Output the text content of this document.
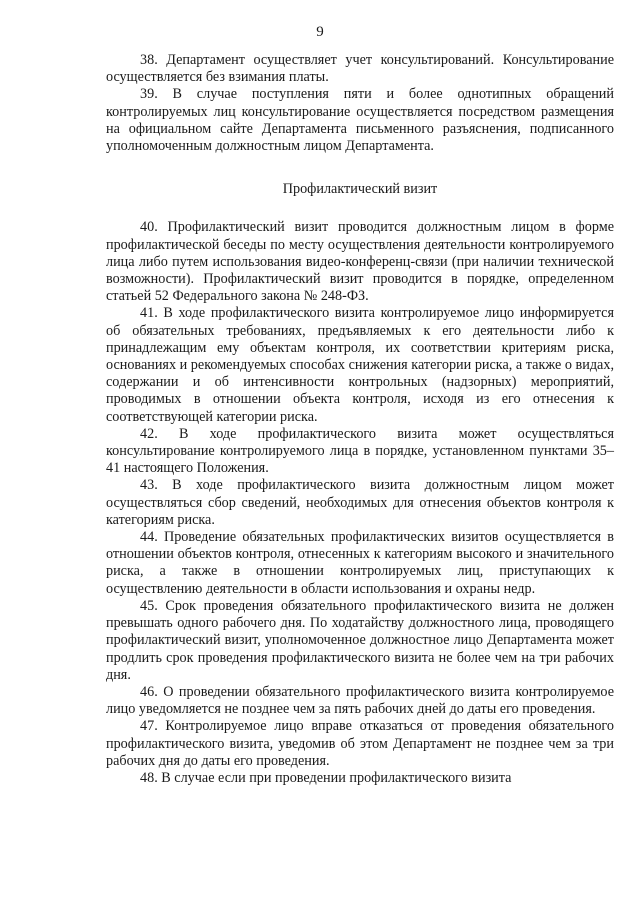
9

38. Департамент осуществляет учет консультирований. Консультирование осуществляется без взимания платы.

39. В случае поступления пяти и более однотипных обращений контролируемых лиц консультирование осуществляется посредством размещения на официальном сайте Департамента письменного разъяснения, подписанного уполномоченным должностным лицом Департамента.

Профилактический визит

40. Профилактический визит проводится должностным лицом в форме профилактической беседы по месту осуществления деятельности контролируемого лица либо путем использования видео-конференц-связи (при наличии технической возможности). Профилактический визит проводится в порядке, определенном статьей 52 Федерального закона № 248-ФЗ.

41. В ходе профилактического визита контролируемое лицо информируется об обязательных требованиях, предъявляемых к его деятельности либо к принадлежащим ему объектам контроля, их соответствии критериям риска, основаниях и рекомендуемых способах снижения категории риска, а также о видах, содержании и об интенсивности контрольных (надзорных) мероприятий, проводимых в отношении объекта контроля, исходя из его отнесения к соответствующей категории риска.

42. В ходе профилактического визита может осуществляться консультирование контролируемого лица в порядке, установленном пунктами 35–41 настоящего Положения.

43. В ходе профилактического визита должностным лицом может осуществляться сбор сведений, необходимых для отнесения объектов контроля к категориям риска.

44. Проведение обязательных профилактических визитов осуществляется в отношении объектов контроля, отнесенных к категориям высокого и значительного риска, а также в отношении контролируемых лиц, приступающих к осуществлению деятельности в области использования и охраны недр.

45. Срок проведения обязательного профилактического визита не должен превышать одного рабочего дня. По ходатайству должностного лица, проводящего профилактический визит, уполномоченное должностное лицо Департамента может продлить срок проведения профилактического визита не более чем на три рабочих дня.

46. О проведении обязательного профилактического визита контролируемое лицо уведомляется не позднее чем за пять рабочих дней до даты его проведения.

47. Контролируемое лицо вправе отказаться от проведения обязательного профилактического визита, уведомив об этом Департамент не позднее чем за три рабочих дня до даты его проведения.

48. В случае если при проведении профилактического визита
